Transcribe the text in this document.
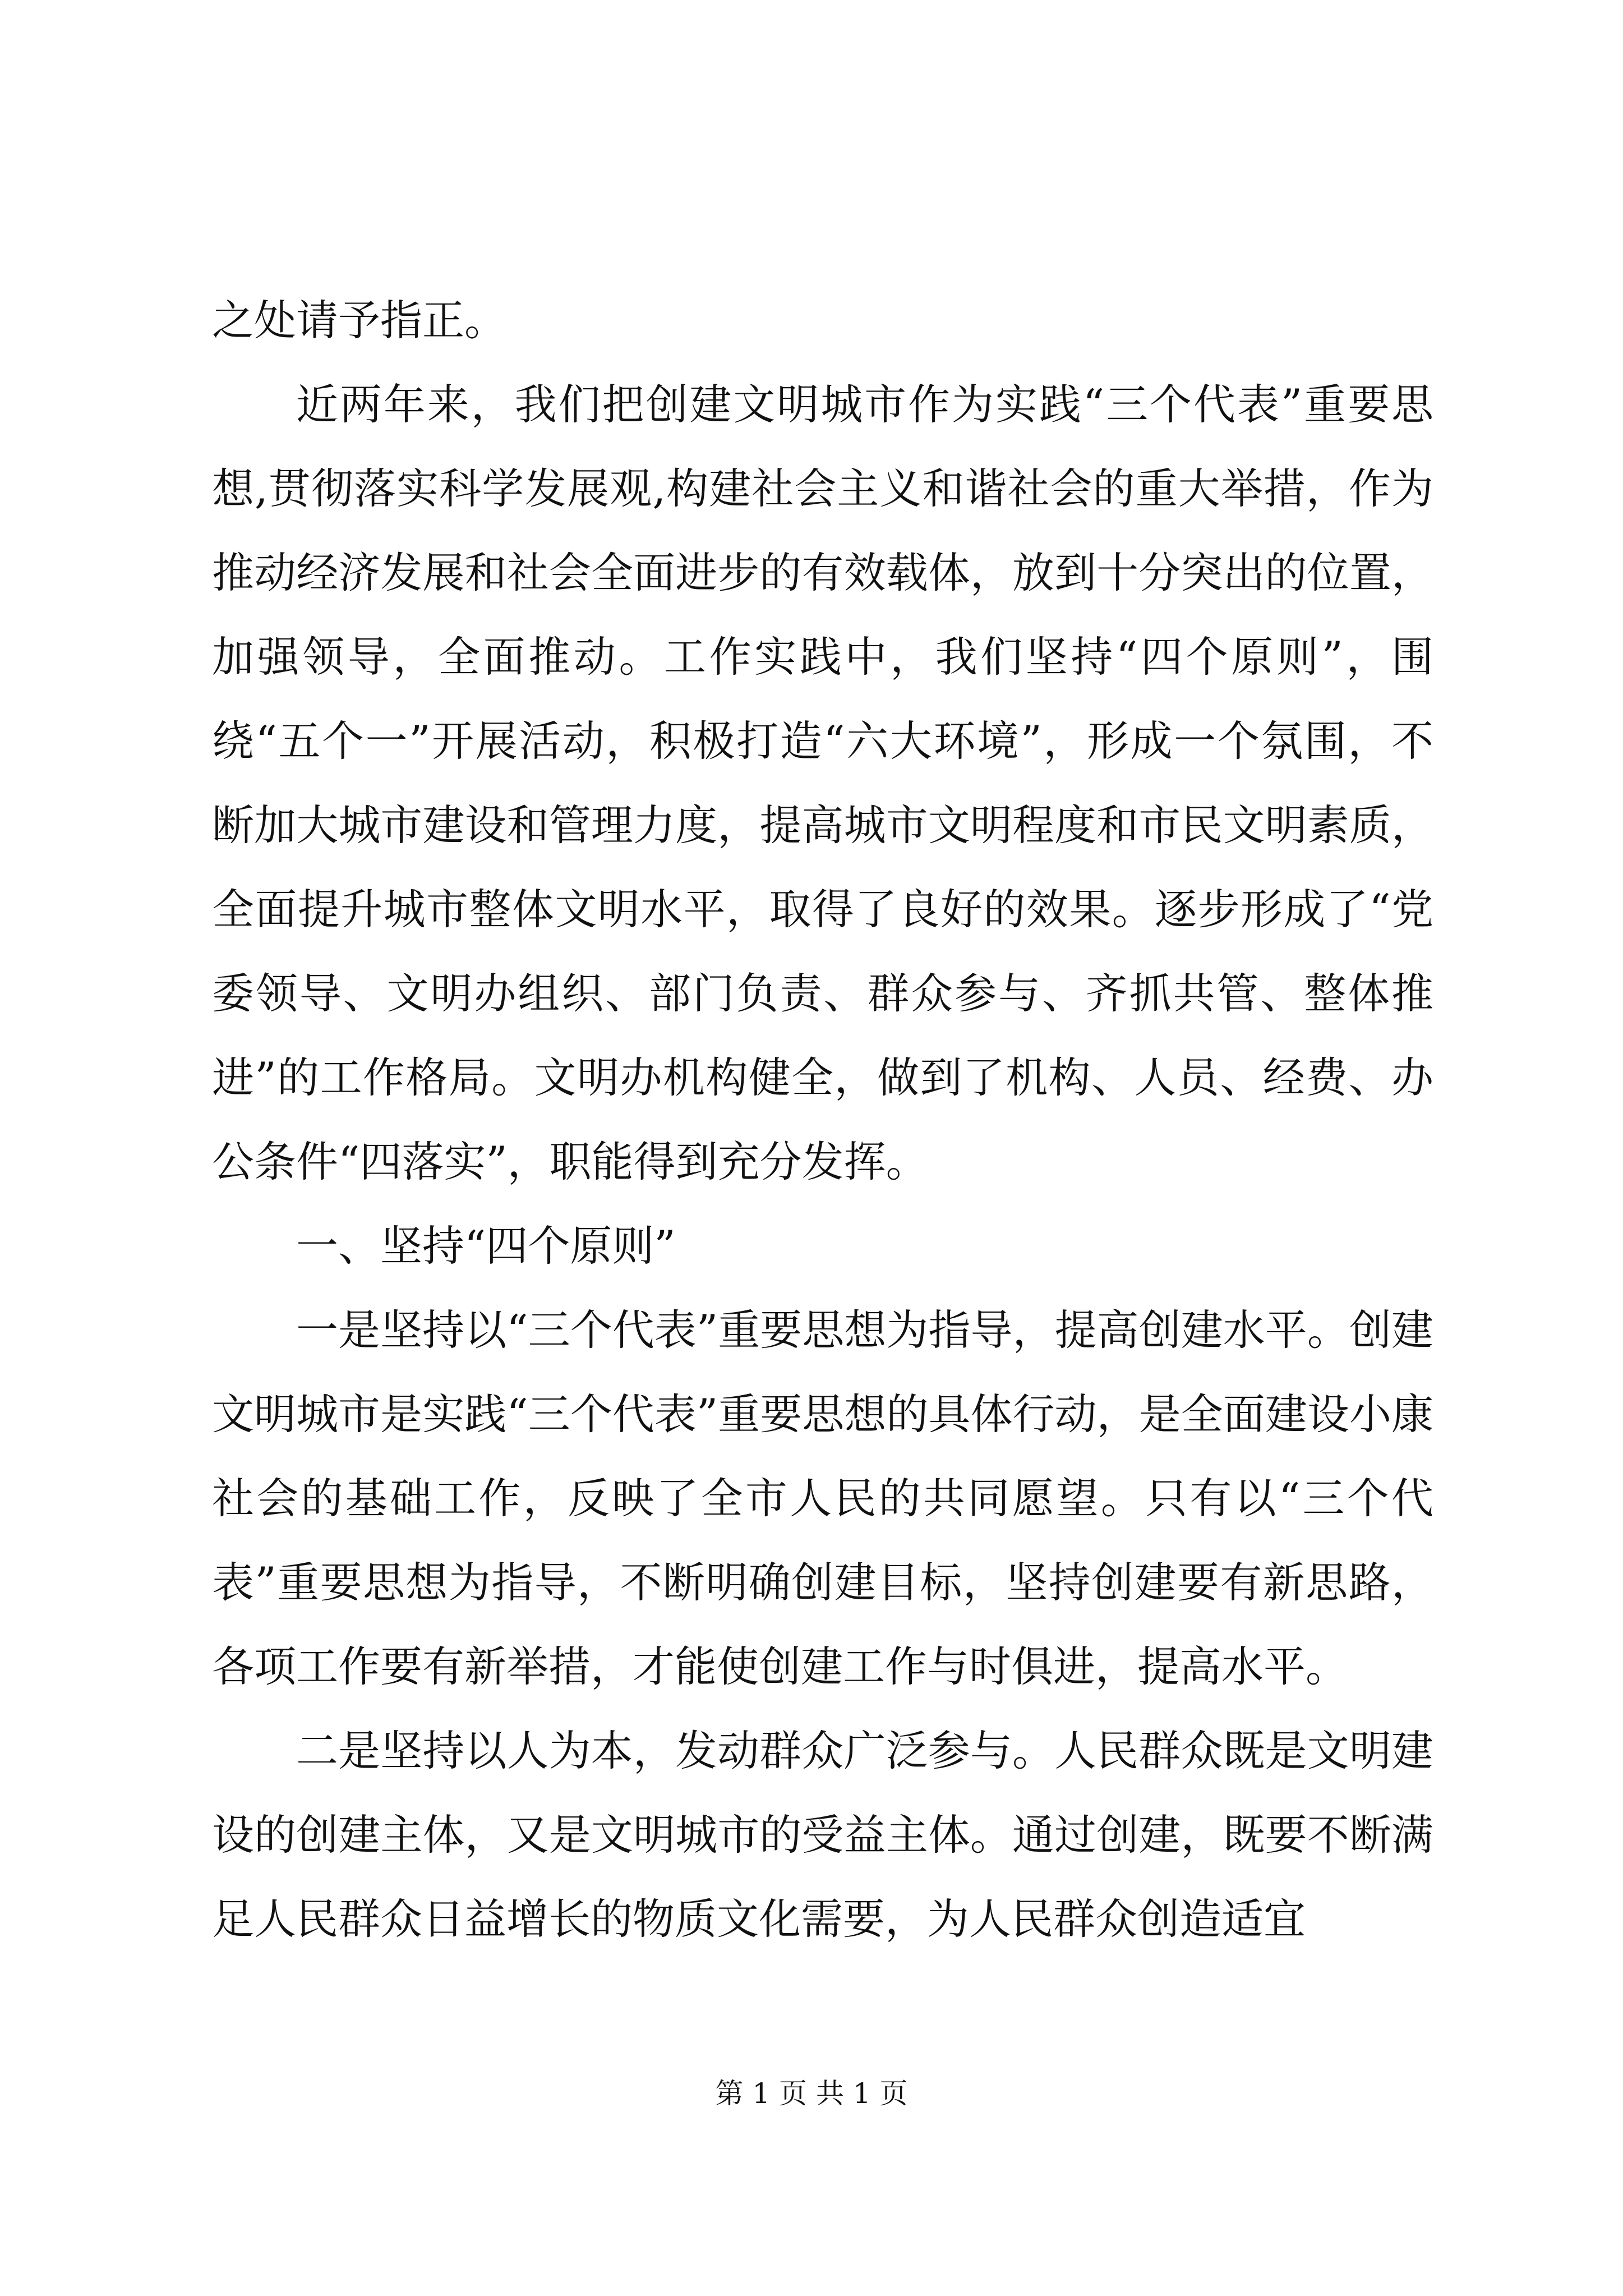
之处请予指正。

近两年来，我们把创建文明城市作为实践“三个代表”重要思想,贯彻落实科学发展观,构建社会主义和谐社会的重大举措，作为推动经济发展和社会全面进步的有效载体，放到十分突出的位置，加强领导，全面推动。工作实践中，我们坚持“四个原则”，围绕“五个一”开展活动，积极打造“六大环境”，形成一个氛围，不断加大城市建设和管理力度，提高城市文明程度和市民文明素质，全面提升城市整体文明水平，取得了良好的效果。逐步形成了“党委领导、文明办组织、部门负责、群众参与、齐抓共管、整体推进”的工作格局。文明办机构健全，做到了机构、人员、经费、办公条件“四落实”，职能得到充分发挥。

一、坚持“四个原则”

一是坚持以“三个代表”重要思想为指导，提高创建水平。创建文明城市是实践“三个代表”重要思想的具体行动，是全面建设小康社会的基础工作，反映了全市人民的共同愿望。只有以“三个代表”重要思想为指导，不断明确创建目标，坚持创建要有新思路，各项工作要有新举措，才能使创建工作与时俱进，提高水平。

二是坚持以人为本，发动群众广泛参与。人民群众既是文明建设的创建主体，又是文明城市的受益主体。通过创建，既要不断满足人民群众日益增长的物质文化需要，为人民群众创造适宜

第 1 页 共 1 页
